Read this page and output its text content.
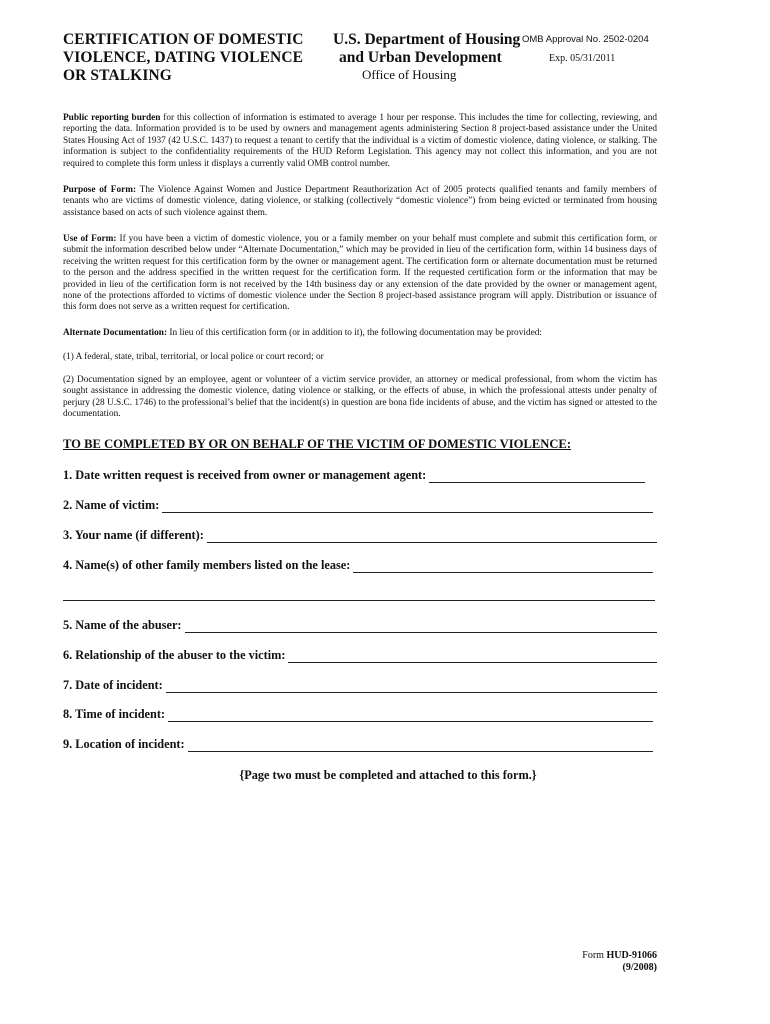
CERTIFICATION OF DOMESTIC
VIOLENCE, DATING VIOLENCE
OR STALKING
U.S. Department of Housing
and Urban Development
Office of Housing
OMB Approval No. 2502-0204
Exp. 05/31/2011
Public reporting burden for this collection of information is estimated to average 1 hour per response. This includes the time for collecting, reviewing, and reporting the data. Information provided is to be used by owners and management agents administering Section 8 project-based assistance under the United States Housing Act of 1937 (42 U.S.C. 1437) to request a tenant to certify that the individual is a victim of domestic violence, dating violence, or stalking. The information is subject to the confidentiality requirements of the HUD Reform Legislation. This agency may not collect this information, and you are not required to complete this form unless it displays a currently valid OMB control number.
Purpose of Form: The Violence Against Women and Justice Department Reauthorization Act of 2005 protects qualified tenants and family members of tenants who are victims of domestic violence, dating violence, or stalking (collectively “domestic violence”) from being evicted or terminated from housing assistance based on acts of such violence against them.
Use of Form: If you have been a victim of domestic violence, you or a family member on your behalf must complete and submit this certification form, or submit the information described below under “Alternate Documentation,” which may be provided in lieu of the certification form, within 14 business days of receiving the written request for this certification form by the owner or management agent. The certification form or alternate documentation must be returned to the person and the address specified in the written request for the certification form. If the requested certification form or the information that may be provided in lieu of the certification form is not received by the 14th business day or any extension of the date provided by the owner or management agent, none of the protections afforded to victims of domestic violence under the Section 8 project-based assistance program will apply. Distribution or issuance of this form does not serve as a written request for certification.
Alternate Documentation: In lieu of this certification form (or in addition to it), the following documentation may be provided:
(1) A federal, state, tribal, territorial, or local police or court record; or
(2) Documentation signed by an employee, agent or volunteer of a victim service provider, an attorney or medical professional, from whom the victim has sought assistance in addressing the domestic violence, dating violence or stalking, or the effects of abuse, in which the professional attests under penalty of perjury (28 U.S.C. 1746) to the professional’s belief that the incident(s) in question are bona fide incidents of abuse, and the victim has signed or attested to the documentation.
TO BE COMPLETED BY OR ON BEHALF OF THE VICTIM OF DOMESTIC VIOLENCE:
1. Date written request is received from owner or management agent:
2. Name of victim:
3. Your name (if different):
4. Name(s) of other family members listed on the lease:
5. Name of the abuser:
6. Relationship of the abuser to the victim:
7. Date of incident:
8. Time of incident:
9. Location of incident:
{Page two must be completed and attached to this form.}
Form HUD-91066
(9/2008)
